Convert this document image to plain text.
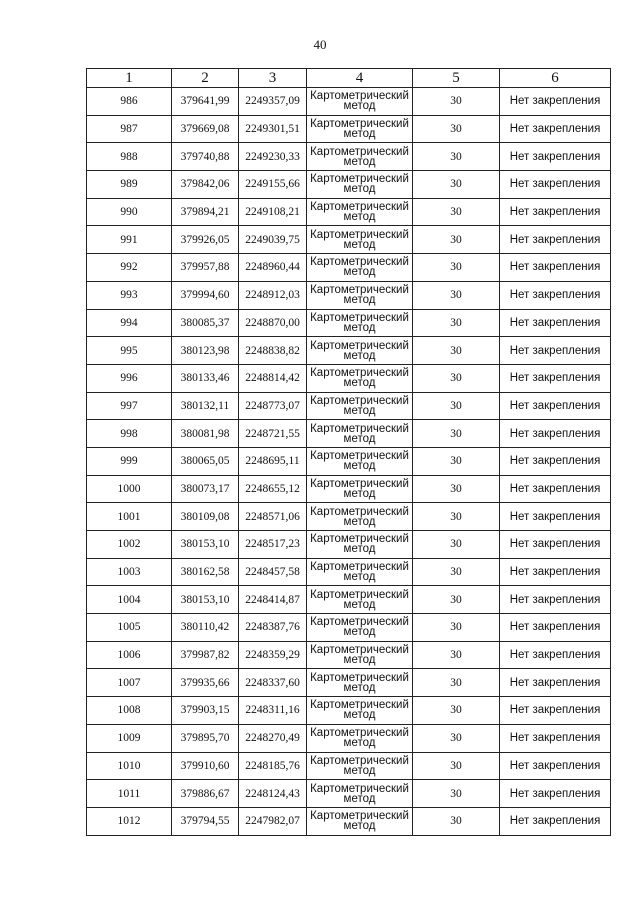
40
1	2	3	4	5	6
986	379641,99	2249357,09	Картометрический
метод	30	Нет закрепления
987	379669,08	2249301,51	Картометрический
метод	30	Нет закрепления
988	379740,88	2249230,33	Картометрический
метод	30	Нет закрепления
989	379842,06	2249155,66	Картометрический
метод	30	Нет закрепления
990	379894,21	2249108,21	Картометрический
метод	30	Нет закрепления
991	379926,05	2249039,75	Картометрический
метод	30	Нет закрепления
992	379957,88	2248960,44	Картометрический
метод	30	Нет закрепления
993	379994,60	2248912,03	Картометрический
метод	30	Нет закрепления
994	380085,37	2248870,00	Картометрический
метод	30	Нет закрепления
995	380123,98	2248838,82	Картометрический
метод	30	Нет закрепления
996	380133,46	2248814,42	Картометрический
метод	30	Нет закрепления
997	380132,11	2248773,07	Картометрический
метод	30	Нет закрепления
998	380081,98	2248721,55	Картометрический
метод	30	Нет закрепления
999	380065,05	2248695,11	Картометрический
метод	30	Нет закрепления
1000	380073,17	2248655,12	Картометрический
метод	30	Нет закрепления
1001	380109,08	2248571,06	Картометрический
метод	30	Нет закрепления
1002	380153,10	2248517,23	Картометрический
метод	30	Нет закрепления
1003	380162,58	2248457,58	Картометрический
метод	30	Нет закрепления
1004	380153,10	2248414,87	Картометрический
метод	30	Нет закрепления
1005	380110,42	2248387,76	Картометрический
метод	30	Нет закрепления
1006	379987,82	2248359,29	Картометрический
метод	30	Нет закрепления
1007	379935,66	2248337,60	Картометрический
метод	30	Нет закрепления
1008	379903,15	2248311,16	Картометрический
метод	30	Нет закрепления
1009	379895,70	2248270,49	Картометрический
метод	30	Нет закрепления
1010	379910,60	2248185,76	Картометрический
метод	30	Нет закрепления
1011	379886,67	2248124,43	Картометрический
метод	30	Нет закрепления
1012	379794,55	2247982,07	Картометрический
метод	30	Нет закрепления
